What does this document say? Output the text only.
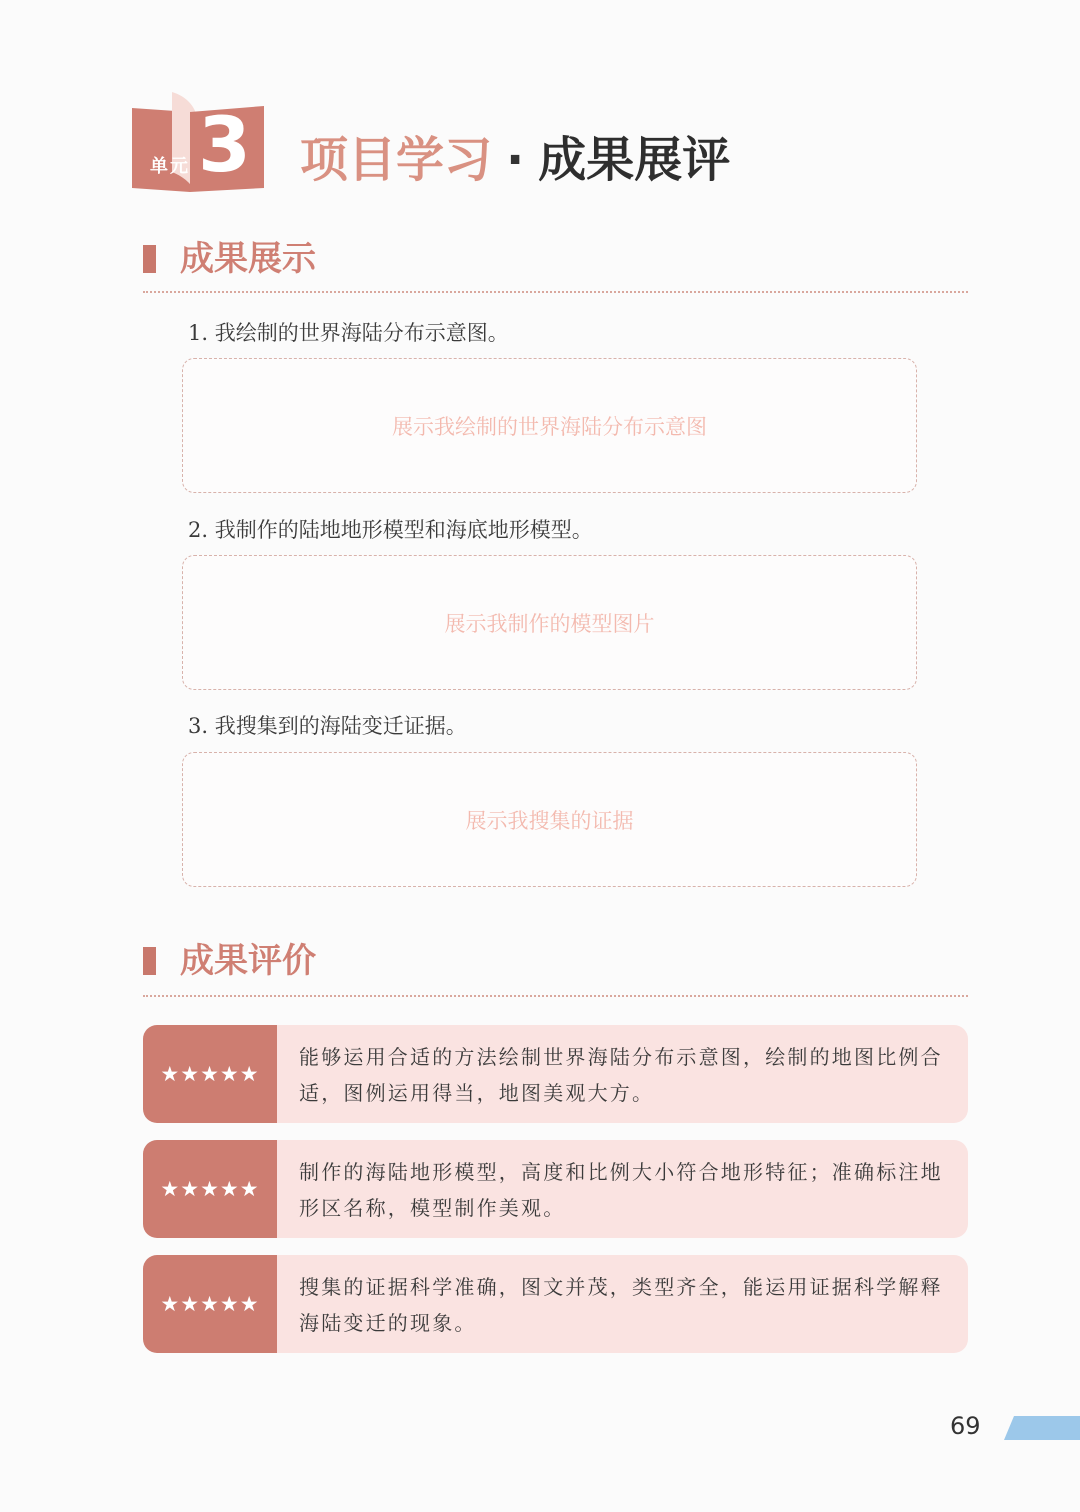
单元 3 项目学习 · 成果展评
成果展示
1. 我绘制的世界海陆分布示意图。
展示我绘制的世界海陆分布示意图
2. 我制作的陆地地形模型和海底地形模型。
展示我制作的模型图片
3. 我搜集到的海陆变迁证据。
展示我搜集的证据
成果评价
★★★★★
能够运用合适的方法绘制世界海陆分布示意图，绘制的地图比例合
适，图例运用得当，地图美观大方。
★★★★★
制作的海陆地形模型，高度和比例大小符合地形特征；准确标注地
形区名称，模型制作美观。
★★★★★
搜集的证据科学准确，图文并茂，类型齐全，能运用证据科学解释
海陆变迁的现象。
69
